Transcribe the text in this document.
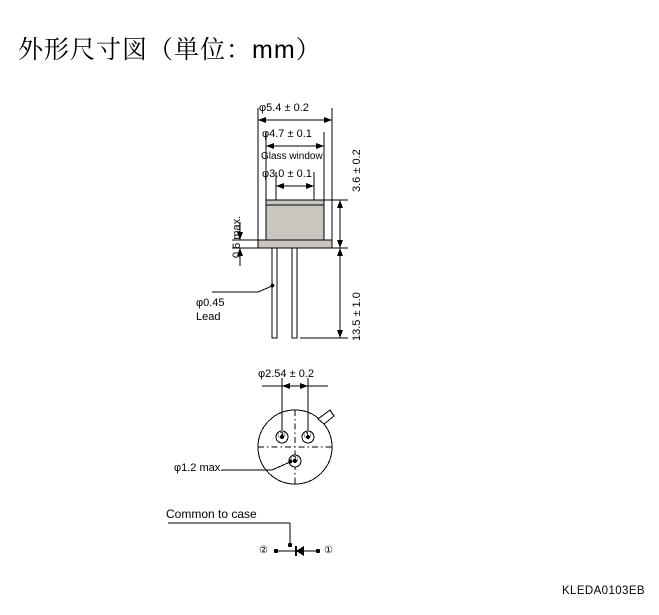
外形尺寸図（単位：mm）
φ5.4 ± 0.2
φ4.7 ± 0.1
Glass window
φ3.0 ± 0.1	3.6 ± 0.2
13.5 ± 1.0
0.6 max.
φ0.45
Lead
φ2.54 ± 0.2
φ1.2 max.
③ ①
②
Common to case
②	①
KLEDA0103EB
